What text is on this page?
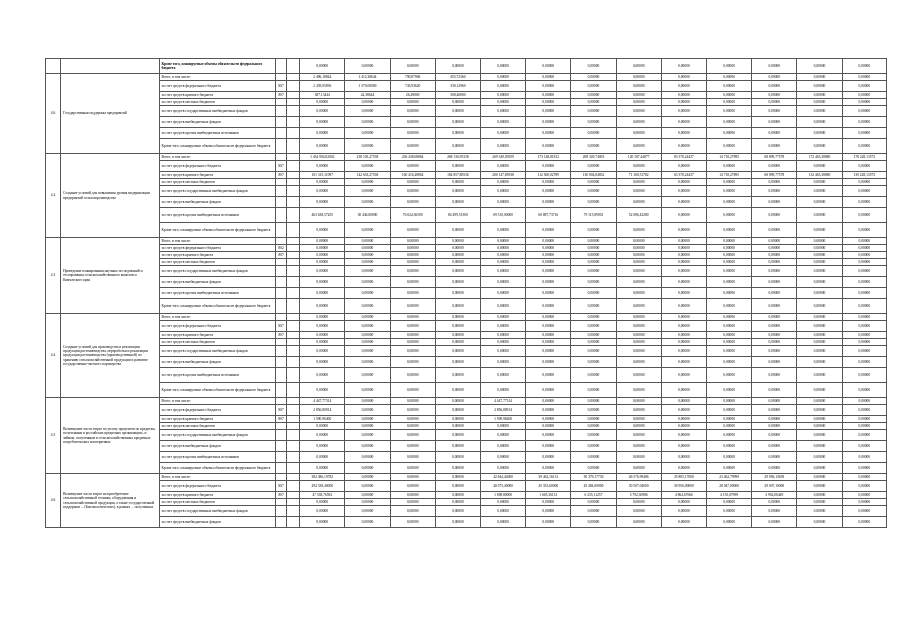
		Кроме того, планируемые объемы обязательств федерального бюджета			0,00000	0,00000	0,00000	0,00000	0,00000	0,00000	0,00000	0,00000	0,00000	0,00000	0,00000	0,00000	0,00000
4.6	Государственная поддержка предприятий	Всего, в том числе:			2 496,18844	1 412,38644	790,87906	455,72360	0,00000	0,00000	0,00000	0,00000	0,00000	0,00000	0,00000	0,00000	0,00000
		за счет средств федерального бюджета	807		2 439,05836	1 370,00000	743,93620	330,12960	0,00000	0,00000	0,00000	0,00000	0,00000	0,00000	0,00000	0,00000	0,00000
		за счет средств краевого бюджета	807		387,13444	42,38644	26,28000	308,46800	0,00000	0,00000	0,00000	0,00000	0,00000	0,00000	0,00000	0,00000	0,00000
		за счет средств местных бюджетов			0,00000	0,00000	0,00000	0,00000	0,00000	0,00000	0,00000	0,00000	0,00000	0,00000	0,00000	0,00000	0,00000
		за счет средств государственных внебюджетных фондов			0,00000	0,00000	0,00000	0,00000	0,00000	0,00000	0,00000	0,00000	0,00000	0,00000	0,00000	0,00000	0,00000
		за счет средств внебюджетных фондов			0,00000	0,00000	0,00000	0,00000	0,00000	0,00000	0,00000	0,00000	0,00000	0,00000	0,00000	0,00000	0,00000
		за счет средств прочих внебюджетных источников			0,00000	0,00000	0,00000	0,00000	0,00000	0,00000	0,00000	0,00000	0,00000	0,00000	0,00000	0,00000	0,00000
		Кроме того, планируемые объемы обязательств федерального бюджета			0,00000	0,00000	0,00000	0,00000	0,00000	0,00000	0,00000	0,00000	0,00000	0,00000	0,00000	0,00000	0,00000
4.2	Создание условий для повышения уровня модернизации предприятий сельхозпроизводства	Всего, в том числе:			1 434 994,82002	238 103,27538	236 438,68864	268 136,95338	269 349,05959	173 148,81812	208 349,74003	120 187,44877	83 378,24437	14 718,27895	68 899,77578	172 463,38080	178 228,13573
		за счет средств федерального бюджета	807		0,00000	0,00000	0,00000	0,00000	0,00000	0,00000	0,00000	0,00000	0,00000	0,00000	0,00000	0,00000	0,00000
		за счет средств краевого бюджета	807		101 315,11097	142 633,27538	160 416,28864	184 857,80536	200 147,85938	112 500,02789	130 004,84832	71 100,51782	63 378,24437	14 718,27895	68 899,77578	132 463,38080	139 228,13573
		за счет средств местных бюджетов			0,00000	0,00000	0,00000	0,00000	0,00000	0,00000	0,00000	0,00000	0,00000	0,00000	0,00000	0,00000	0,00000
		за счет средств государственных внебюджетных фондов			0,00000	0,00000	0,00000	0,00000	0,00000	0,00000	0,00000	0,00000	0,00000	0,00000	0,00000	0,00000	0,00000
		за счет средств внебюджетных фондов			0,00000	0,00000	0,00000	0,00000	0,00000	0,00000	0,00000	0,00000	0,00000	0,00000	0,00000	0,00000	0,00000
		за счет средств прочих внебюджетных источников			463 638,57205	30 446,00000	76 024,36500	84 499,51500	69 510,00000	60 887,73716	79 115,89001	52 086,43280	0,00000	0,00000	0,00000	0,00000	0,00000
		Кроме того, планируемые объемы обязательств федерального бюджета			0,00000	0,00000	0,00000	0,00000	0,00000	0,00000	0,00000	0,00000	0,00000	0,00000	0,00000	0,00000	0,00000
4.3	Проведение планирования научных исследований и тестирования сельскохозяйственного комплекса Камчатского края	Всего, в том числе:			0,00000	0,00000	0,00000	0,00000	0,00000	0,00000	0,00000	0,00000	0,00000	0,00000	0,00000	0,00000	0,00000
		за счет средств федерального бюджета	802		0,00000	0,00000	0,00000	0,00000	0,00000	0,00000	0,00000	0,00000	0,00000	0,00000	0,00000	0,00000	0,00000
		за счет средств краевого бюджета	807		0,00000	0,00000	0,00000	0,00000	0,00000	0,00000	0,00000	0,00000	0,00000	0,00000	0,00000	0,00000	0,00000
		за счет средств местных бюджетов			0,00000	0,00000	0,00000	0,00000	0,00000	0,00000	0,00000	0,00000	0,00000	0,00000	0,00000	0,00000	0,00000
		за счет средств государственных внебюджетных фондов			0,00000	0,00000	0,00000	0,00000	0,00000	0,00000	0,00000	0,00000	0,00000	0,00000	0,00000	0,00000	0,00000
		за счет средств внебюджетных фондов			0,00000	0,00000	0,00000	0,00000	0,00000	0,00000	0,00000	0,00000	0,00000	0,00000	0,00000	0,00000	0,00000
		за счет средств прочих внебюджетных источников			0,00000	0,00000	0,00000	0,00000	0,00000	0,00000	0,00000	0,00000	0,00000	0,00000	0,00000	0,00000	0,00000
		Кроме того, планируемые объемы обязательств федерального бюджета			0,00000	0,00000	0,00000	0,00000	0,00000	0,00000	0,00000	0,00000	0,00000	0,00000	0,00000	0,00000	0,00000
4.4	Создание условий для производства и реализации продукции растениеводства, переработки и реализации продукции растениеводства (производственной) по хранению сельскохозяйственной продукции и развитие государственно-частного партнерства	Всего, в том числе:			0,00000	0,00000	0,00000	0,00000	0,00000	0,00000	0,00000	0,00000	0,00000	0,00000	0,00000	0,00000	0,00000
		за счет средств федерального бюджета	807		0,00000	0,00000	0,00000	0,00000	0,00000	0,00000	0,00000	0,00000	0,00000	0,00000	0,00000	0,00000	0,00000
		за счет средств краевого бюджета	807		0,00000	0,00000	0,00000	0,00000	0,00000	0,00000	0,00000	0,00000	0,00000	0,00000	0,00000	0,00000	0,00000
		за счет средств местных бюджетов			0,00000	0,00000	0,00000	0,00000	0,00000	0,00000	0,00000	0,00000	0,00000	0,00000	0,00000	0,00000	0,00000
		за счет средств государственных внебюджетных фондов			0,00000	0,00000	0,00000	0,00000	0,00000	0,00000	0,00000	0,00000	0,00000	0,00000	0,00000	0,00000	0,00000
		за счет средств внебюджетных фондов			0,00000	0,00000	0,00000	0,00000	0,00000	0,00000	0,00000	0,00000	0,00000	0,00000	0,00000	0,00000	0,00000
		за счет средств прочих внебюджетных источников			0,00000	0,00000	0,00000	0,00000	0,00000	0,00000	0,00000	0,00000	0,00000	0,00000	0,00000	0,00000	0,00000
		Кроме того, планируемые объемы обязательств федерального бюджета			0,00000	0,00000	0,00000	0,00000	0,00000	0,00000	0,00000	0,00000	0,00000	0,00000	0,00000	0,00000	0,00000
4.5	Возмещение части затрат по уплату процентов по кредитам, полученным в российских кредитных организациях, и займам, полученным в сельскохозяйственных кредитных потребительских кооперативах	Всего, в том числе:			4 447,77314	0,00000	0,00000	0,00000	4 447,77314	0,00000	0,00000	0,00000	0,00000	0,00000	0,00000	0,00000	0,00000
		за счет средств федерального бюджета	807		2 856,80914	0,00000	0,00000	0,00000	2 856,80914	0,00000	0,00000	0,00000	0,00000	0,00000	0,00000	0,00000	0,00000
		за счет средств краевого бюджета	807		1 590,96400	0,00000	0,00000	0,00000	1 590,96400	0,00000	0,00000	0,00000	0,00000	0,00000	0,00000	0,00000	0,00000
		за счет средств местных бюджетов			0,00000	0,00000	0,00000	0,00000	0,00000	0,00000	0,00000	0,00000	0,00000	0,00000	0,00000	0,00000	0,00000
		за счет средств государственных внебюджетных фондов			0,00000	0,00000	0,00000	0,00000	0,00000	0,00000	0,00000	0,00000	0,00000	0,00000	0,00000	0,00000	0,00000
		за счет средств внебюджетных фондов			0,00000	0,00000	0,00000	0,00000	0,00000	0,00000	0,00000	0,00000	0,00000	0,00000	0,00000	0,00000	0,00000
		за счет средств прочих внебюджетных источников			0,00000	0,00000	0,00000	0,00000	0,00000	0,00000	0,00000	0,00000	0,00000	0,00000	0,00000	0,00000	0,00000
		Кроме того, планируемые объемы обязательств федерального бюджета			0,00000	0,00000	0,00000	0,00000	0,00000	0,00000	0,00000	0,00000	0,00000	0,00000	0,00000	0,00000	0,00000
4.6	Возмещение части затрат на приобретение сельскохозяйственной техники, оборудования и сельскохозяйственной продукции, а также государственной поддержки ... (Биоэкологических), в рамках ... полученных	Всего, в том числе:			382 386,10782	0,00000	0,00000	0,00000	42 844,44000	39 462,16131	50 379,17730	46 576,99486	35 805,17000	23 462,79999	29 856,13639	0,00000	0,00000
		за счет средств федерального бюджета	807		294 338,40000	0,00000	0,00000	0,00000	40 073,40000	45 353,60000	45 484,00000	30 507,04000	30 956,00000	28 047,00000	29 007,10000	0,00000	0,00000
		за счет средств краевого бюджета	807		47 538,76592	0,00000	0,00000	0,00000	1 698,80000	1 665,36131	6 235,11257	5 792,30986	4 864,67066	4 155,07999	3 902,06449	0,00000	0,00000
		за счет средств местных бюджетов			0,00000	0,00000	0,00000	0,00000	0,00000	0,00000	0,00000	0,00000	0,00000	0,00000	0,00000	0,00000	0,00000
		за счет средств государственных внебюджетных фондов			0,00000	0,00000	0,00000	0,00000	0,00000	0,00000	0,00000	0,00000	0,00000	0,00000	0,00000	0,00000	0,00000
		за счет средств внебюджетных фондов			0,00000	0,00000	0,00000	0,00000	0,00000	0,00000	0,00000	0,00000	0,00000	0,00000	0,00000	0,00000	0,00000
